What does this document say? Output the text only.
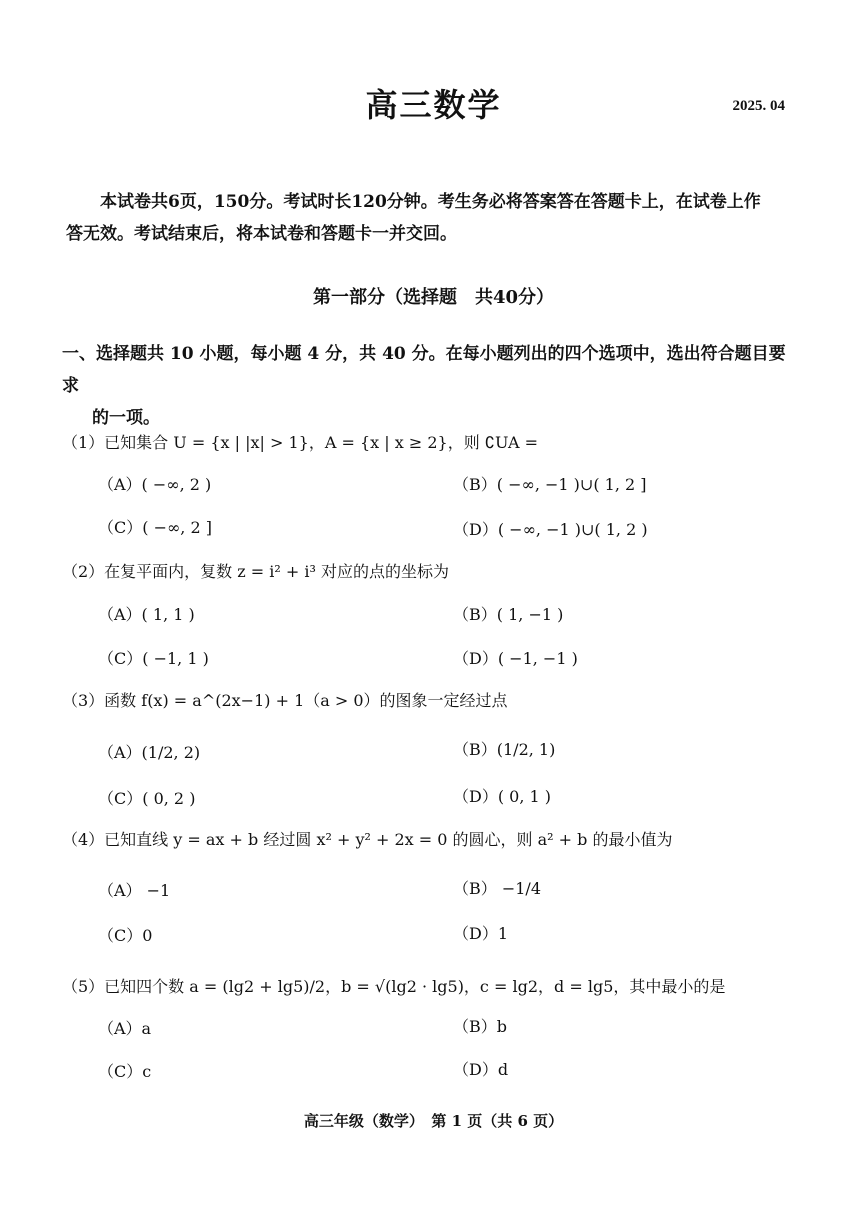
高三数学	2025. 04
本试卷共6页，150分。考试时长120分钟。考生务必将答案答在答题卡上，在试卷上作答无效。考试结束后，将本试卷和答题卡一并交回。
第一部分（选择题　共40分）
一、选择题共 10 小题，每小题 4 分，共 40 分。在每小题列出的四个选项中，选出符合题目要求
的一项。
（1）已知集合 U = {x | |x| > 1}，A = {x | x ≥ 2}，则 ∁UA =
（A）( −∞, 2 )	（B）( −∞, −1 )∪( 1, 2 ]
（C）( −∞, 2 ]	（D）( −∞, −1 )∪( 1, 2 )
（2）在复平面内，复数 z = i² + i³ 对应的点的坐标为
（A）( 1, 1 )	（B）( 1, −1 )
（C）( −1, 1 )	（D）( −1, −1 )
（3）函数 f(x) = a^(2x−1) + 1（a > 0）的图象一定经过点
（A）(1/2, 2)	（B）(1/2, 1)
（C）( 0, 2 )	（D）( 0, 1 )
（4）已知直线 y = ax + b 经过圆 x² + y² + 2x = 0 的圆心，则 a² + b 的最小值为
（A） −1	（B） −1/4
（C）0	（D）1
（5）已知四个数 a = (lg2 + lg5)/2，b = √(lg2 · lg5)，c = lg2，d = lg5，其中最小的是
（A）a	（B）b
（C）c	（D）d
高三年级（数学）　第 1 页（共 6 页）
